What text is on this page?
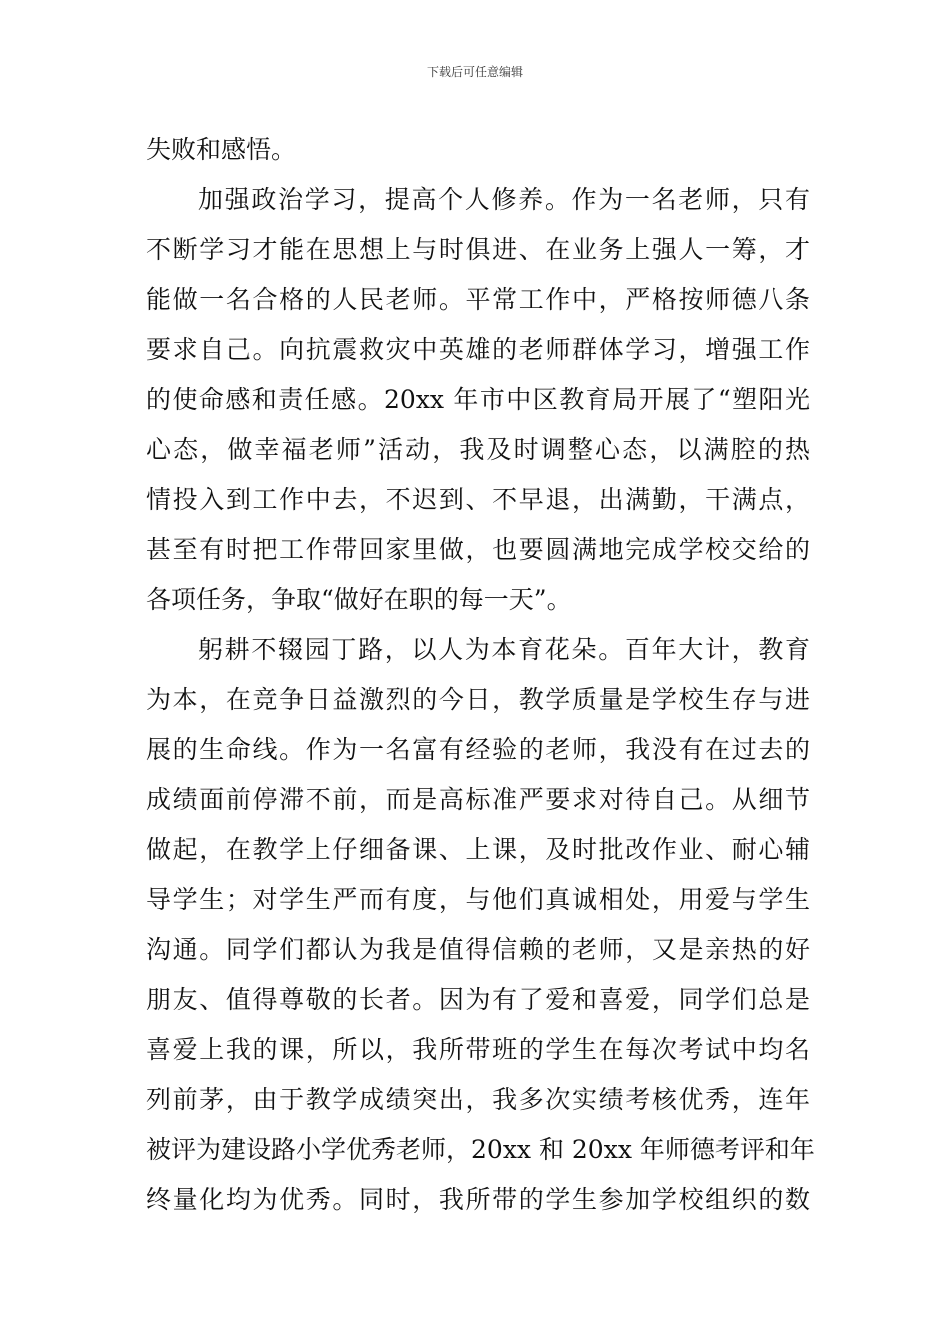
下载后可任意编辑
失败和感悟。
加强政治学习，提高个人修养。作为一名老师，只有
不断学习才能在思想上与时俱进、在业务上强人一筹，才
能做一名合格的人民老师。平常工作中，严格按师德八条
要求自己。向抗震救灾中英雄的老师群体学习，增强工作
的使命感和责任感。20xx 年市中区教育局开展了“塑阳光
心态，做幸福老师”活动，我及时调整心态，以满腔的热
情投入到工作中去，不迟到、不早退，出满勤，干满点，
甚至有时把工作带回家里做，也要圆满地完成学校交给的
各项任务，争取“做好在职的每一天”。
躬耕不辍园丁路，以人为本育花朵。百年大计，教育
为本，在竞争日益激烈的今日，教学质量是学校生存与进
展的生命线。作为一名富有经验的老师，我没有在过去的
成绩面前停滞不前，而是高标准严要求对待自己。从细节
做起，在教学上仔细备课、上课，及时批改作业、耐心辅
导学生；对学生严而有度，与他们真诚相处，用爱与学生
沟通。同学们都认为我是值得信赖的老师，又是亲热的好
朋友、值得尊敬的长者。因为有了爱和喜爱，同学们总是
喜爱上我的课，所以，我所带班的学生在每次考试中均名
列前茅，由于教学成绩突出，我多次实绩考核优秀，连年
被评为建设路小学优秀老师，20xx 和 20xx 年师德考评和年
终量化均为优秀。同时，我所带的学生参加学校组织的数
